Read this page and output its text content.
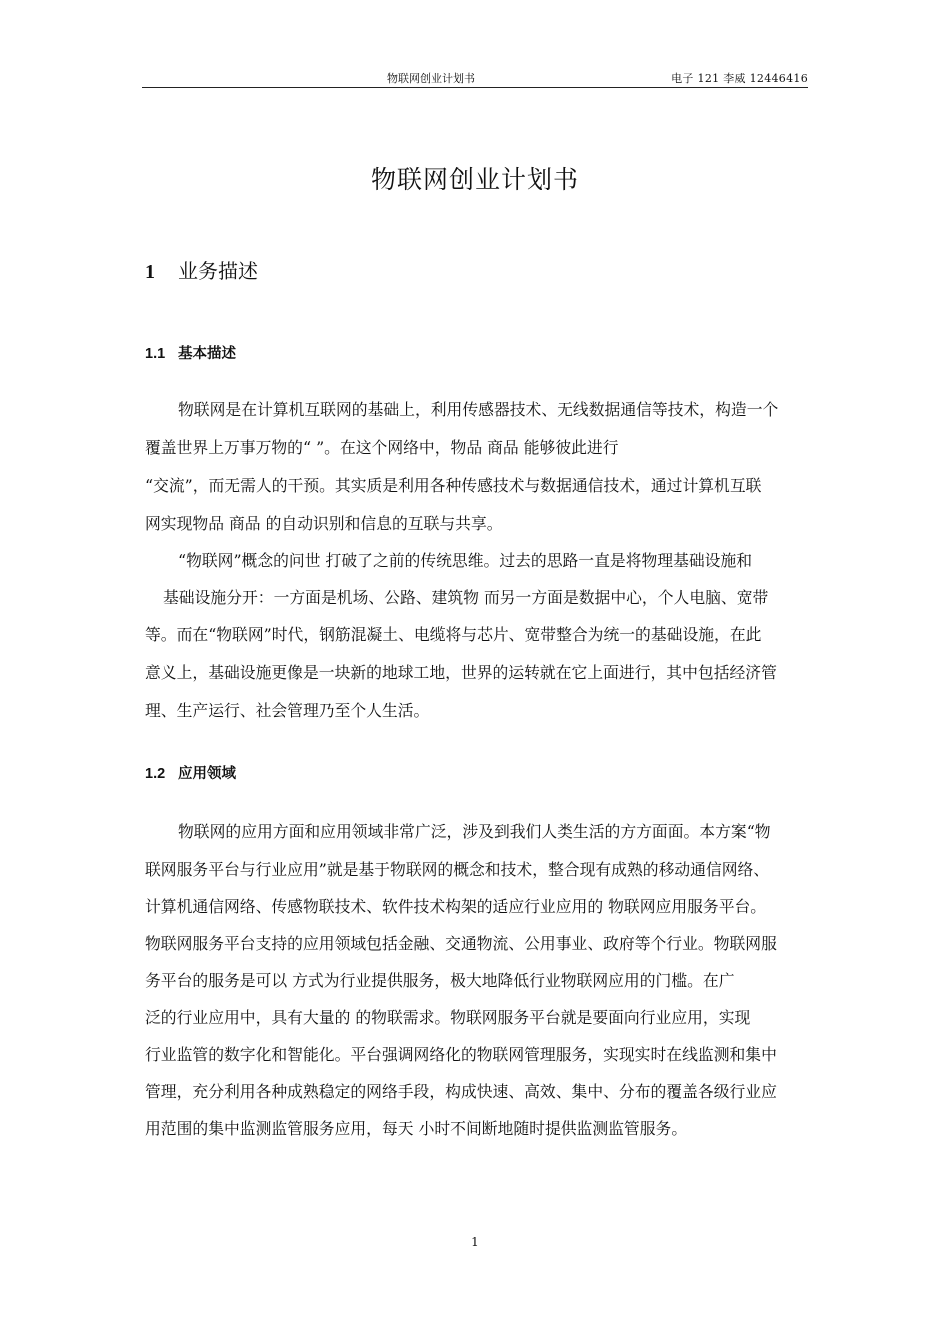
物联网创业计划书	电子 121 李威 12446416
物联网创业计划书
1 业务描述
1.1 基本描述
物联网是在计算机互联网的基础上，利用传感器技术、无线数据通信等技术，构造一个
覆盖世界上万事万物的“ ”。在这个网络中，物品 商品 能够彼此进行
“交流”，而无需人的干预。其实质是利用各种传感技术与数据通信技术，通过计算机互联
网实现物品 商品 的自动识别和信息的互联与共享。
“物联网”概念的问世 打破了之前的传统思维。过去的思路一直是将物理基础设施和
基础设施分开：一方面是机场、公路、建筑物 而另一方面是数据中心，个人电脑、宽带
等。而在“物联网”时代，钢筋混凝土、电缆将与芯片、宽带整合为统一的基础设施，在此
意义上，基础设施更像是一块新的地球工地，世界的运转就在它上面进行，其中包括经济管
理、生产运行、社会管理乃至个人生活。
1.2 应用领域
物联网的应用方面和应用领域非常广泛，涉及到我们人类生活的方方面面。本方案“物
联网服务平台与行业应用”就是基于物联网的概念和技术，整合现有成熟的移动通信网络、
计算机通信网络、传感物联技术、软件技术构架的适应行业应用的 物联网应用服务平台。
物联网服务平台支持的应用领域包括金融、交通物流、公用事业、政府等个行业。物联网服
务平台的服务是可以 方式为行业提供服务，极大地降低行业物联网应用的门槛。在广
泛的行业应用中，具有大量的 的物联需求。物联网服务平台就是要面向行业应用，实现
行业监管的数字化和智能化。平台强调网络化的物联网管理服务，实现实时在线监测和集中
管理，充分利用各种成熟稳定的网络手段，构成快速、高效、集中、分布的覆盖各级行业应
用范围的集中监测监管服务应用，每天 小时不间断地随时提供监测监管服务。
1
